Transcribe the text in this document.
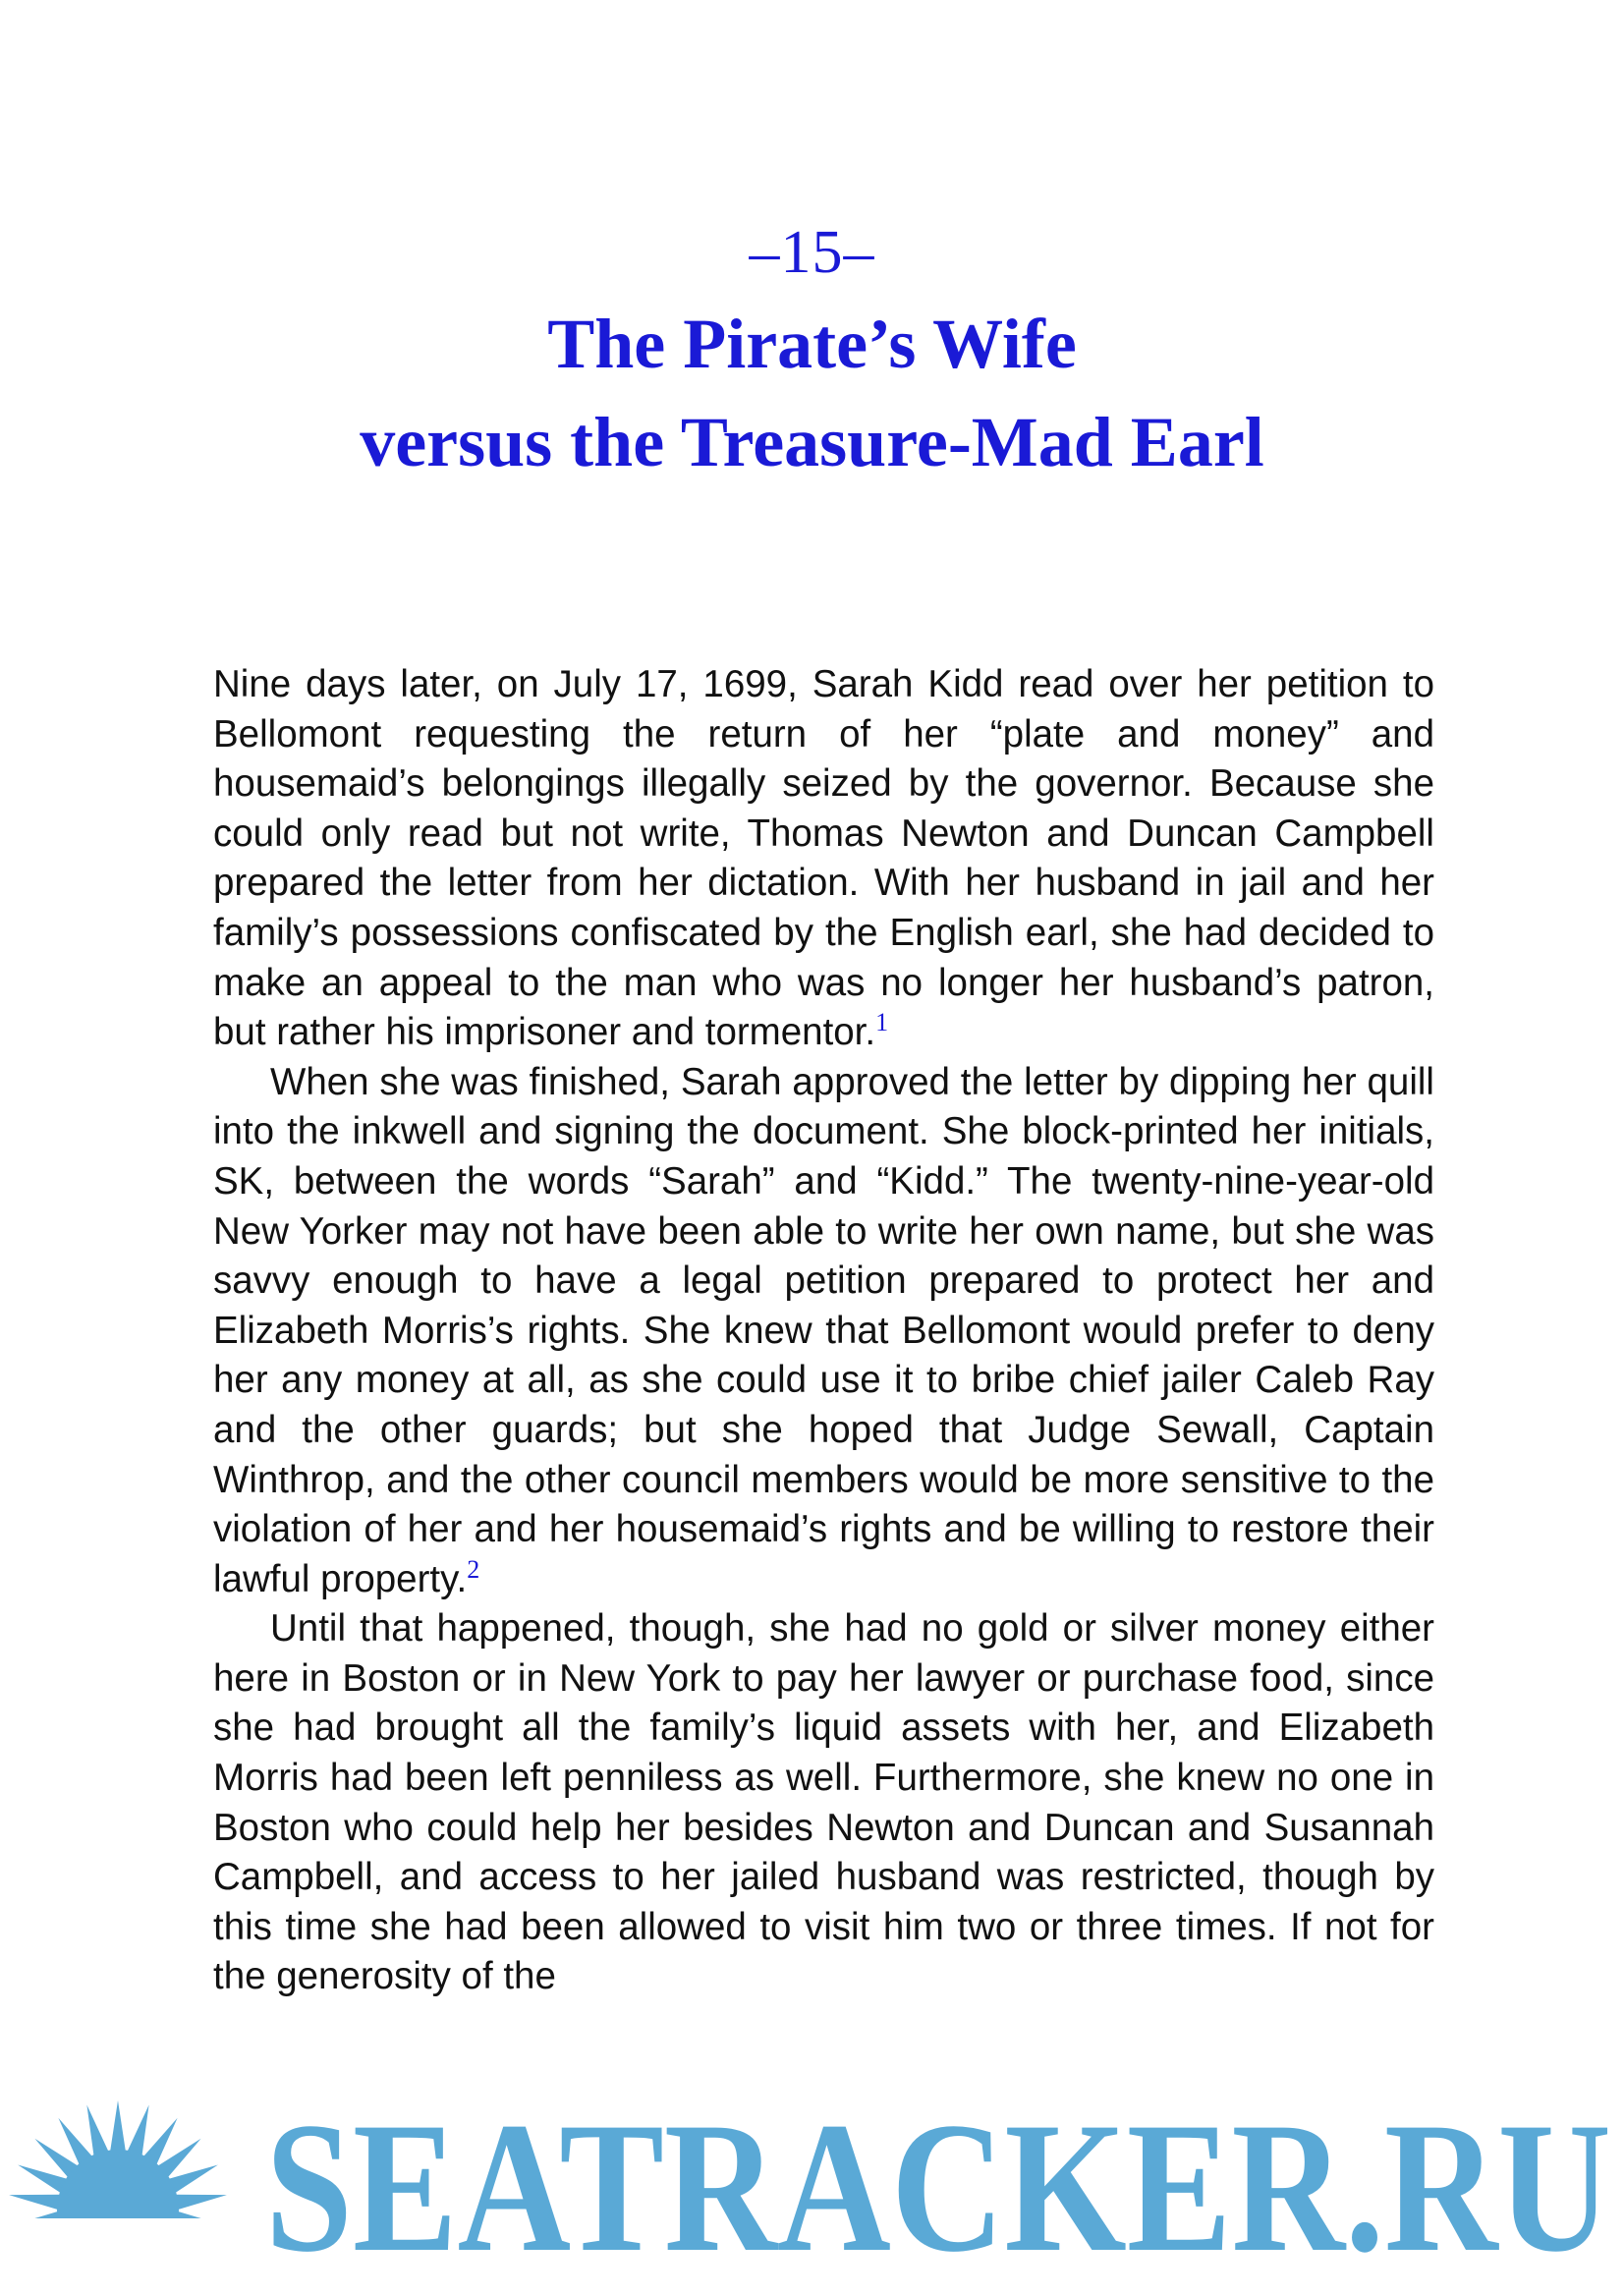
–15–
The Pirate’s Wife
versus the Treasure-Mad Earl

Nine days later, on July 17, 1699, Sarah Kidd read over her petition to Bellomont requesting the return of her “plate and money” and housemaid’s belongings illegally seized by the governor. Because she could only read but not write, Thomas Newton and Duncan Campbell prepared the letter from her dictation. With her husband in jail and her family’s possessions confiscated by the English earl, she had decided to make an appeal to the man who was no longer her husband’s patron, but rather his imprisoner and tormentor.$^1$

When she was finished, Sarah approved the letter by dipping her quill into the inkwell and signing the document. She block-printed her initials, SK, between the words “Sarah” and “Kidd.” The twenty-nine-year-old New Yorker may not have been able to write her own name, but she was savvy enough to have a legal petition prepared to protect her and Elizabeth Morris’s rights. She knew that Bellomont would prefer to deny her any money at all, as she could use it to bribe chief jailer Caleb Ray and the other guards; but she hoped that Judge Sewall, Captain Winthrop, and the other council members would be more sensitive to the violation of her and her housemaid’s rights and be willing to restore their lawful property.$^2$

Until that happened, though, she had no gold or silver money either here in Boston or in New York to pay her lawyer or purchase food, since she had brought all the family’s liquid assets with her, and Elizabeth Morris had been left penniless as well. Furthermore, she knew no one in Boston who could help her besides Newton and Duncan and Susannah Campbell, and access to her jailed husband was restricted, though by this time she had been allowed to visit him two or three times. If not for the generosity of the

SEATRACKER.RU
